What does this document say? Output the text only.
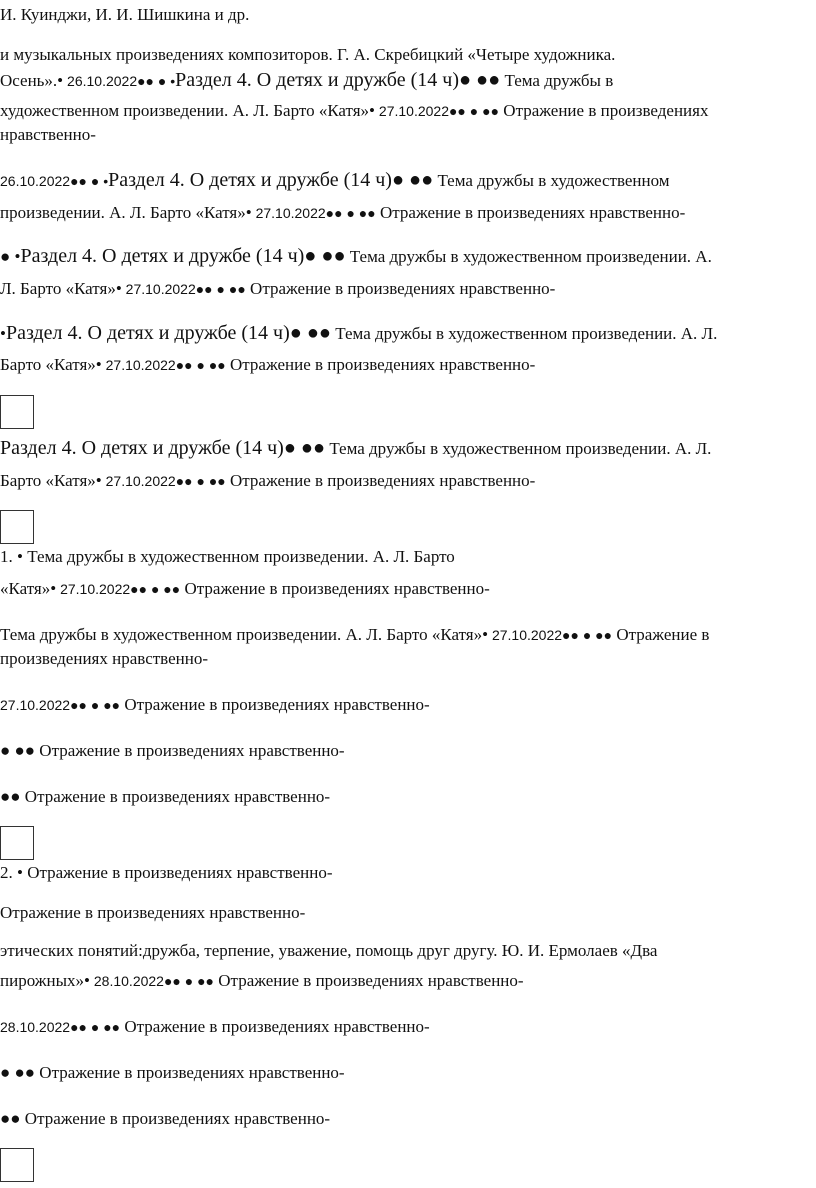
И. Куинджи, И. И. Шишкина и др.
и музыкальных произведениях композиторов. Г. А. Скребицкий «Четыре художника.
Осень».• 26.10.2022●● ● •Раздел 4. О детях и дружбе (14 ч)● ●● Тема дружбы в
художественном произведении. А. Л. Барто «Катя»• 27.10.2022●● ● ●● Отражение в произведениях
нравственно-
26.10.2022●● ● •Раздел 4. О детях и дружбе (14 ч)● ●● Тема дружбы в художественном
произведении. А. Л. Барто «Катя»• 27.10.2022●● ● ●● Отражение в произведениях нравственно-
● •Раздел 4. О детях и дружбе (14 ч)● ●● Тема дружбы в художественном произведении. А.
Л. Барто «Катя»• 27.10.2022●● ● ●● Отражение в произведениях нравственно-
•Раздел 4. О детях и дружбе (14 ч)● ●● Тема дружбы в художественном произведении. А. Л.
Барто «Катя»• 27.10.2022●● ● ●● Отражение в произведениях нравственно-
Раздел 4. О детях и дружбе (14 ч)● ●● Тема дружбы в художественном произведении. А. Л.
Барто «Катя»• 27.10.2022●● ● ●● Отражение в произведениях нравственно-
1. • Тема дружбы в художественном произведении. А. Л. Барто
«Катя»• 27.10.2022●● ● ●● Отражение в произведениях нравственно-
Тема дружбы в художественном произведении. А. Л. Барто «Катя»• 27.10.2022●● ● ●● Отражение в
произведениях нравственно-
27.10.2022●● ● ●● Отражение в произведениях нравственно-
● ●● Отражение в произведениях нравственно-
●● Отражение в произведениях нравственно-
2. • Отражение в произведениях нравственно-
Отражение в произведениях нравственно-
этических понятий:дружба, терпение, уважение, помощь друг другу. Ю. И. Ермолаев «Два
пирожных»• 28.10.2022●● ● ●● Отражение в произведениях нравственно-
28.10.2022●● ● ●● Отражение в произведениях нравственно-
● ●● Отражение в произведениях нравственно-
●● Отражение в произведениях нравственно-
